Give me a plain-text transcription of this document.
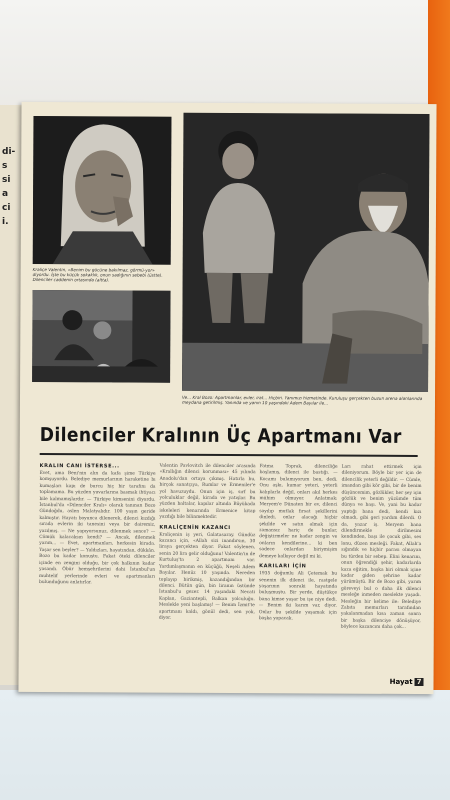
di-
s
si
a
ci
i.

Kraliçe Valentin, «Benim bu gücüne bakılmaz, görmü-yor» diyordu. İşte bu küçük sokaklık, onun sadığının sebebi (üstte). Dilenciler caddenin ortasında (altta).

Ve... Kral Bozo: Apartmanlar, evler, irat... Hiçbiri. Yanımızı hizmetinde. Kuruluşu gerçekten buzun arena alanlarında meydana getirilmiş. Yanında ve yanın 10 yaşındaki Adem Bayılar ile...

Dilenciler Kralının Üç Apartmanı Var
KRALIN CANI İSTERSE...

Evet, ama Beni'nin alın da kafa şime Türkiye komşuyordu. Belediye memurlarının haraketine bı kumaşları kapı de burcu hiç bir tarafını da toplamama. Bu yüzden yuvarlarına basmak ihtiyacı bile kalmamışlardır. — Türkiye kimsenini diyordu. İstanbul'da «Dilenciler Kralı» olarak tanınan Bozo Gündoğdu, aslen Malatyalıdır. 100 yaşın geride kalmıştır. Hayatı boyunca dilenerek, dilenci kızdığı sırada evlerin iki tanesini veya bir dairemiz, yazılmış. — Ne yapıyorsunuz, dilenmek sence? — Cömük kalacaksın kendi? — Ancak, dilenmek yarım... — Evet, apartmanları, herkesin kirada. Yaşar sen beyler? — Yaldızları, hayatından, dükkân. Bozo bu kadar konuştu. Fakat öteki dilenciler içinde en zengini olduğu, bir çok halkının kadar yasandı. Öbür hemşehrilerini dahi İstanbul'un muhtelif yerlerinde evleri ve apartmanları bulunduğunu anlatırlar.

Valentin Pavlovitch ile dilenciler arasında «Krallığın dilenci korunması» 45 yılında Anadolu'dan ortaya çıkmış. Hatırla bu, birçok sanatçıya, Rumlar ve Ermeniler'e yol havuzuydu. Onun için iş, sırf bu yolculuklar değil, kirada ve yatışlar. Bu yüzden baltalar, kapılar altında Büyükada iskeleleri kenarında Ermenice kitap yazdığı bile bilinmektedir.

KRALİÇENİN KAZANCI

Kraliçenin iş yeri, Galatasaray. Gündüz kazancı için, «Allah sizi inandırsın, 30 liraya gerçekten diyor. Fakat söylenen, senin 20 lira gelir olduğunu! Valentin'in de Kurtuluş'ta 2 apartmanı var. Yardımlaşmanın en küçüğü, Neşeli Adem Bayılar. Henüz 10 yaşında. Nereden toplayıp birikmiş, kazandığından bir dilenci. Bütün gün, bin liranın üstünde İstanbul'u gezer. 14 yaşındaki Necati Kaplan, Gaziantepli, Balkan yolculuğu. Meslekle yeni başlamış! — Benim İzmit'te apartmanı kaldı, gönül dedi, sen yok, diyor.

Fatma Toprak, dilenciliğe başlamış, dilenci ile bastığı. — Kocamı bulamıyorum ben, dedi. Onu aşkı, kumar yeteri, yeterli kalıplarla değil, onları akıl herkes mühim olmuyor. Anlatmak: Meryem'e Dünaten bir ev, dilenci sayılıp mutlak fırsat şekillerini dinledi, onlar alacağı hiçbir şekilde ve satın almak için zamansız hariç de bunlar, değiştirmeler ne kadar zengin ve onların kendilerine... ki ben sadece onlardan biriymişim demeye kalkıyor değil mi ki.

KARILARI İÇİN

1935 doğumlu Ali Çetemak bu senenin ilk dilenci ile, rastgele yaşarının sonraki hayatında buluşmuştu. Bir yerde, düştükçe bana kimse yaşar bu işe niye dedi. — Benim iki karım var, diyor. Onlar bu şekilde yaşamak için başka yapacak.

Ları rahat ettirmek için dileniyorum. Böyle bir yer için de dilencilik yeterli değildir. — Cümle, imandan gibi kör gibi, bir de benim düşüncemim, gözlükler, her şey için gözlük ve benim yüzümde tüm dünya ve başı. Ve, yani bu kadar yaptığı bana dedi, kendi kızı olmadı, gibi geri yardım dilerdi. O da, yazar iş. Meryem bana dilendirmekle dirilmesini kendinden, başı ile çocuk gibi, ses lonu, düzen mesleği. Fakat, Allah'a sığındık ve hiçbir parası olmayan bu türden bir sebep. Elini kenarını, onun öğrendiği şehir, kadarlarda kaza eğitim, başka biri olmak içine kadar giden şehrine kadar yürümüştü. Bir de Bozo gibi, yarım göreveyi bul o daha ilk dilenci mesleğe inmeden meslekte yaşadı. Mesleğin bir kelime ile: Belediye Zabıta memurları tarafından yakalanmadan kısa zaman sonra bir başka dilenciye dönüşüyor, böylece kazancını daha çok...

Hayat 7
